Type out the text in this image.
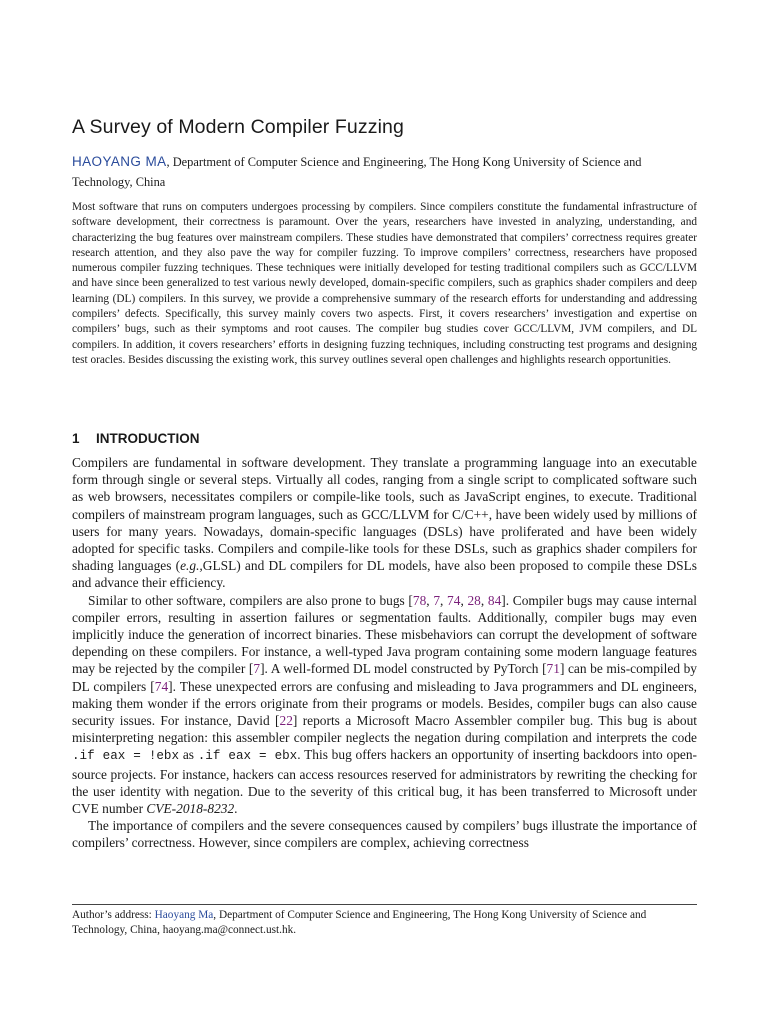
A Survey of Modern Compiler Fuzzing
HAOYANG MA, Department of Computer Science and Engineering, The Hong Kong University of Science and Technology, China

Most software that runs on computers undergoes processing by compilers. Since compilers constitute the fundamental infrastructure of software development, their correctness is paramount. Over the years, researchers have invested in analyzing, understanding, and characterizing the bug features over mainstream compilers. These studies have demonstrated that compilers’ correctness requires greater research attention, and they also pave the way for compiler fuzzing. To improve compilers’ correctness, researchers have proposed numerous compiler fuzzing techniques. These techniques were initially developed for testing traditional compilers such as GCC/LLVM and have since been generalized to test various newly developed, domain-specific compilers, such as graphics shader compilers and deep learning (DL) compilers. In this survey, we provide a comprehensive summary of the research efforts for understanding and addressing compilers’ defects. Specifically, this survey mainly covers two aspects. First, it covers researchers’ investigation and expertise on compilers’ bugs, such as their symptoms and root causes. The compiler bug studies cover GCC/LLVM, JVM compilers, and DL compilers. In addition, it covers researchers’ efforts in designing fuzzing techniques, including constructing test programs and designing test oracles. Besides discussing the existing work, this survey outlines several open challenges and highlights research opportunities.

1 INTRODUCTION

Compilers are fundamental in software development. They translate a programming language into an executable form through single or several steps. Virtually all codes, ranging from a single script to complicated software such as web browsers, necessitates compilers or compile-like tools, such as JavaScript engines, to execute. Traditional compilers of mainstream program languages, such as GCC/LLVM for C/C++, have been widely used by millions of users for many years. Nowadays, domain-specific languages (DSLs) have proliferated and have been widely adopted for specific tasks. Compilers and compile-like tools for these DSLs, such as graphics shader compilers for shading languages (e.g.,GLSL) and DL compilers for DL models, have also been proposed to compile these DSLs and advance their efficiency.

Similar to other software, compilers are also prone to bugs [78, 7, 74, 28, 84]. Compiler bugs may cause internal compiler errors, resulting in assertion failures or segmentation faults. Additionally, compiler bugs may even implicitly induce the generation of incorrect binaries. These misbehaviors can corrupt the development of software depending on these compilers. For instance, a well-typed Java program containing some modern language features may be rejected by the compiler [7]. A well-formed DL model constructed by PyTorch [71] can be mis-compiled by DL compilers [74]. These unexpected errors are confusing and misleading to Java programmers and DL engineers, making them wonder if the errors originate from their programs or models. Besides, compiler bugs can also cause security issues. For instance, David [22] reports a Microsoft Macro Assembler compiler bug. This bug is about misinterpreting negation: this assembler compiler neglects the negation during compilation and interprets the code .if eax = !ebx as .if eax = ebx. This bug offers hackers an opportunity of inserting backdoors into open-source projects. For instance, hackers can access resources reserved for administrators by rewriting the checking for the user identity with negation. Due to the severity of this critical bug, it has been transferred to Microsoft under CVE number CVE-2018-8232.

The importance of compilers and the severe consequences caused by compilers’ bugs illustrate the importance of compilers’ correctness. However, since compilers are complex, achieving correctness

Author’s address: Haoyang Ma, Department of Computer Science and Engineering, The Hong Kong University of Science and Technology, China, haoyang.ma@connect.ust.hk.
